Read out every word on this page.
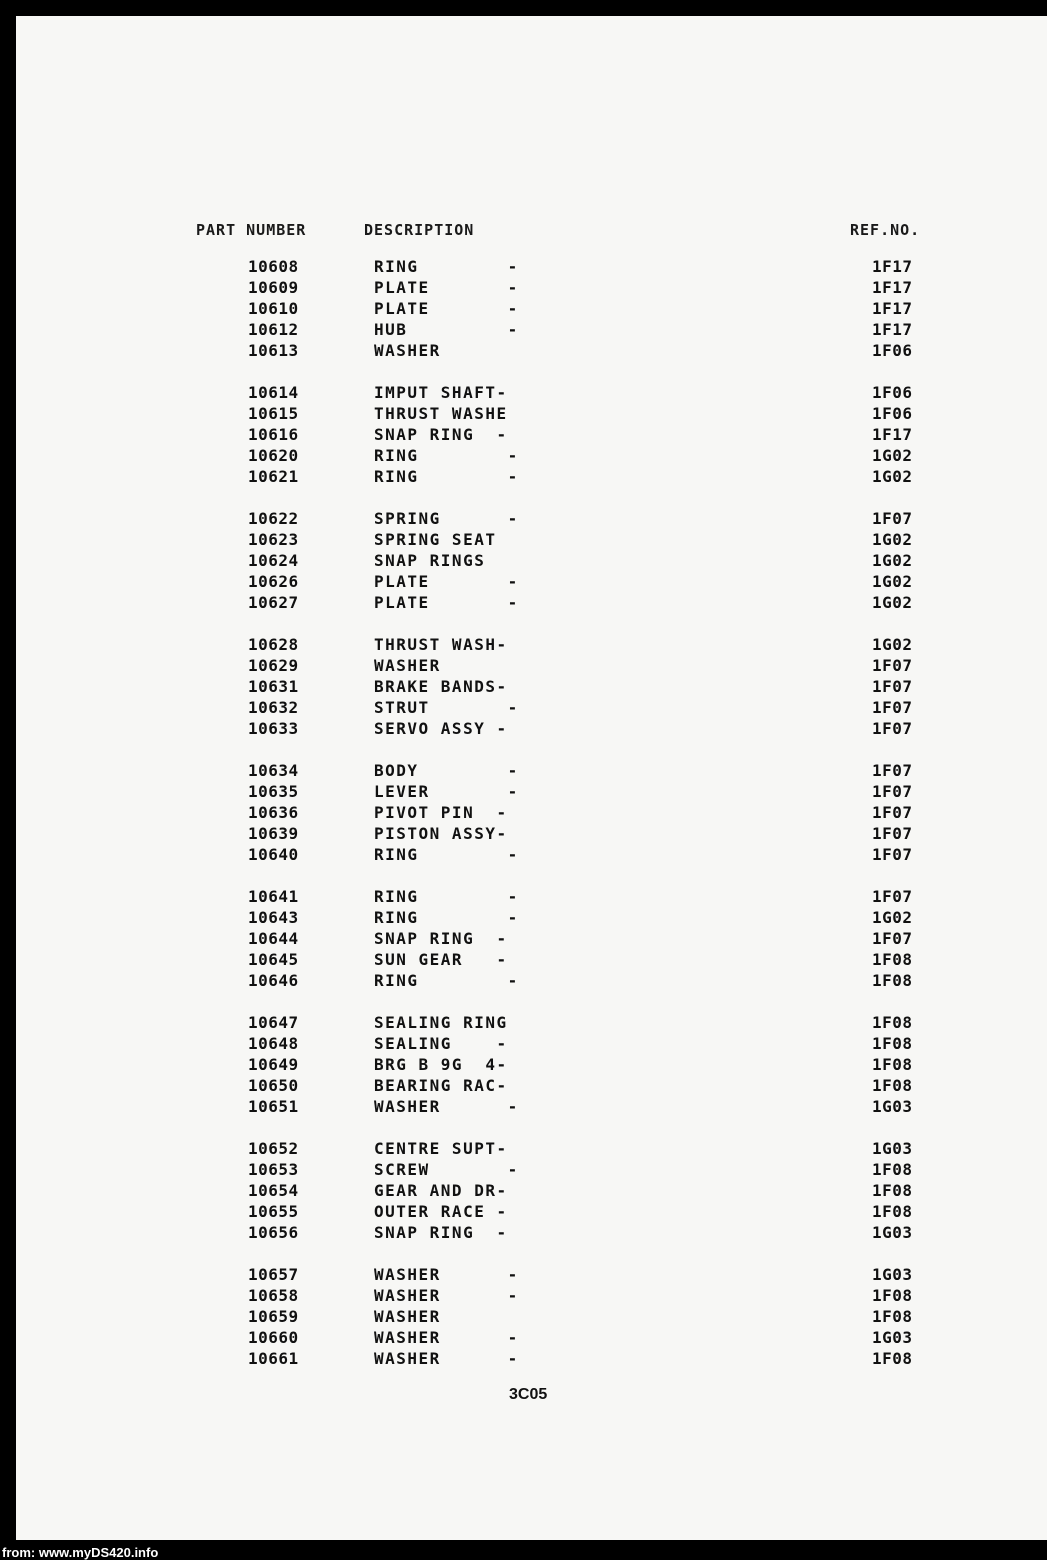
PART NUMBER	DESCRIPTION	REF.NO.
10608	RING        -	1F17
10609	PLATE       -	1F17
10610	PLATE       -	1F17
10612	HUB         -	1F17
10613	WASHER	1F06
10614	IMPUT SHAFT-	1F06
10615	THRUST WASHE	1F06
10616	SNAP RING  -	1F17
10620	RING        -	1G02
10621	RING        -	1G02
10622	SPRING      -	1F07
10623	SPRING SEAT	1G02
10624	SNAP RINGS	1G02
10626	PLATE       -	1G02
10627	PLATE       -	1G02
10628	THRUST WASH-	1G02
10629	WASHER	1F07
10631	BRAKE BANDS-	1F07
10632	STRUT       -	1F07
10633	SERVO ASSY -	1F07
10634	BODY        -	1F07
10635	LEVER       -	1F07
10636	PIVOT PIN  -	1F07
10639	PISTON ASSY-	1F07
10640	RING        -	1F07
10641	RING        -	1F07
10643	RING        -	1G02
10644	SNAP RING  -	1F07
10645	SUN GEAR   -	1F08
10646	RING        -	1F08
10647	SEALING RING	1F08
10648	SEALING    -	1F08
10649	BRG B 9G  4-	1F08
10650	BEARING RAC-	1F08
10651	WASHER      -	1G03
10652	CENTRE SUPT-	1G03
10653	SCREW       -	1F08
10654	GEAR AND DR-	1F08
10655	OUTER RACE -	1F08
10656	SNAP RING  -	1G03
10657	WASHER      -	1G03
10658	WASHER      -	1F08
10659	WASHER	1F08
10660	WASHER      -	1G03
10661	WASHER      -	1F08
3C05
from: www.myDS420.info
